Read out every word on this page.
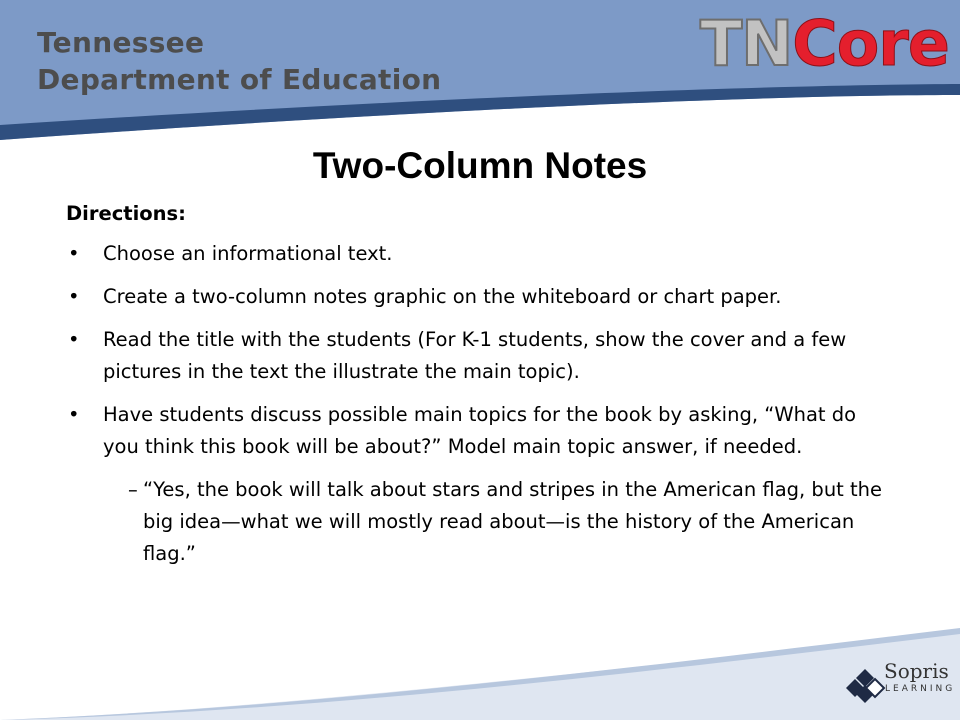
Tennessee
Department of Education	TNCore
Two-Column Notes
Directions:
• Choose an informational text.
• Create a two-column notes graphic on the whiteboard or chart paper.
• Read the title with the students (For K-1 students, show the cover and a few pictures in the text the illustrate the main topic).
• Have students discuss possible main topics for the book by asking, “What do you think this book will be about?” Model main topic answer, if needed.
– “Yes, the book will talk about stars and stripes in the American flag, but the big idea—what we will mostly read about—is the history of the American flag.”
Sopris
LEARNING
